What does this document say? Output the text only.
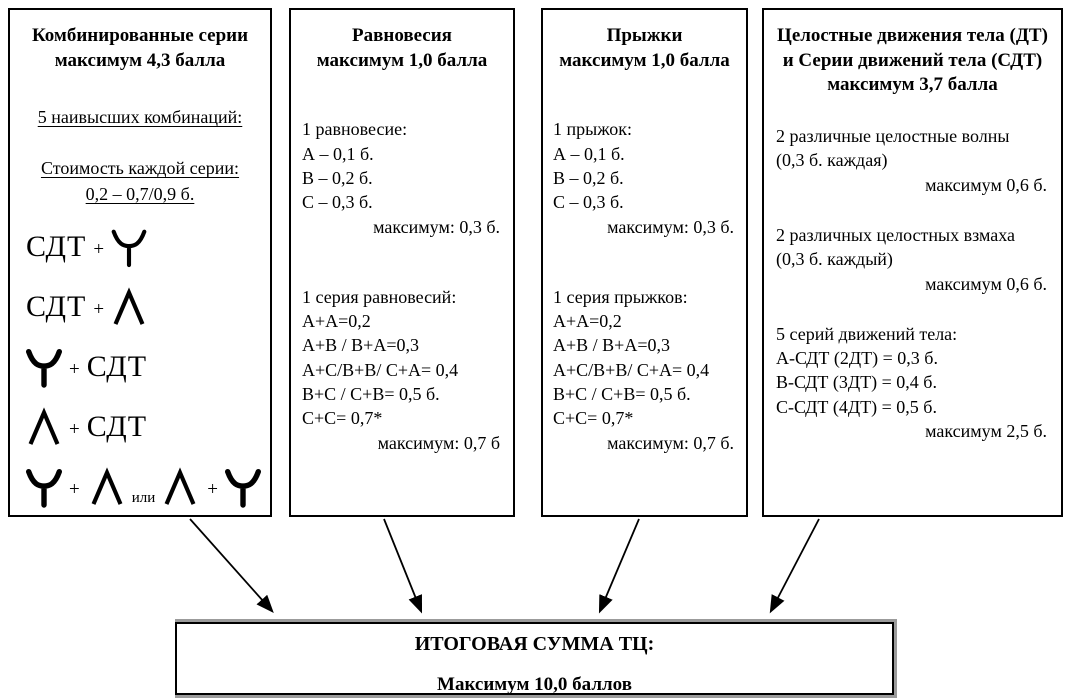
Комбинированные серии
максимум 4,3 балла
5 наивысших комбинаций:
Стоимость каждой серии:
0,2 – 0,7/0,9 б.
СДТ +
СДТ +
+ СДТ
+ СДТ
+	или	+
Равновесия
максимум 1,0 балла
1 равновесие:
А – 0,1 б.
В – 0,2 б.
С – 0,3 б.
максимум: 0,3 б.
1 серия равновесий:
А+А=0,2
А+В / В+А=0,3
А+С/В+В/ С+А= 0,4
В+С / С+В= 0,5 б.
С+С= 0,7*
максимум: 0,7 б
Прыжки
максимум 1,0 балла
1 прыжок:
А – 0,1 б.
В – 0,2 б.
С – 0,3 б.
максимум: 0,3 б.
1 серия прыжков:
А+А=0,2
А+В / В+А=0,3
А+С/В+В/ С+А= 0,4
В+С / С+В= 0,5 б.
С+С= 0,7*
максимум: 0,7 б.
Целостные движения тела (ДТ)
и Серии движений тела (СДТ)
максимум 3,7 балла
2 различные целостные волны
(0,3 б. каждая)
максимум 0,6 б.
2 различных целостных взмаха
(0,3 б. каждый)
максимум 0,6 б.
5 серий движений тела:
А-СДТ (2ДТ) = 0,3 б.
В-СДТ (3ДТ) = 0,4 б.
С-СДТ (4ДТ) = 0,5 б.
максимум 2,5 б.
ИТОГОВАЯ СУММА ТЦ:
Максимум 10,0 баллов
